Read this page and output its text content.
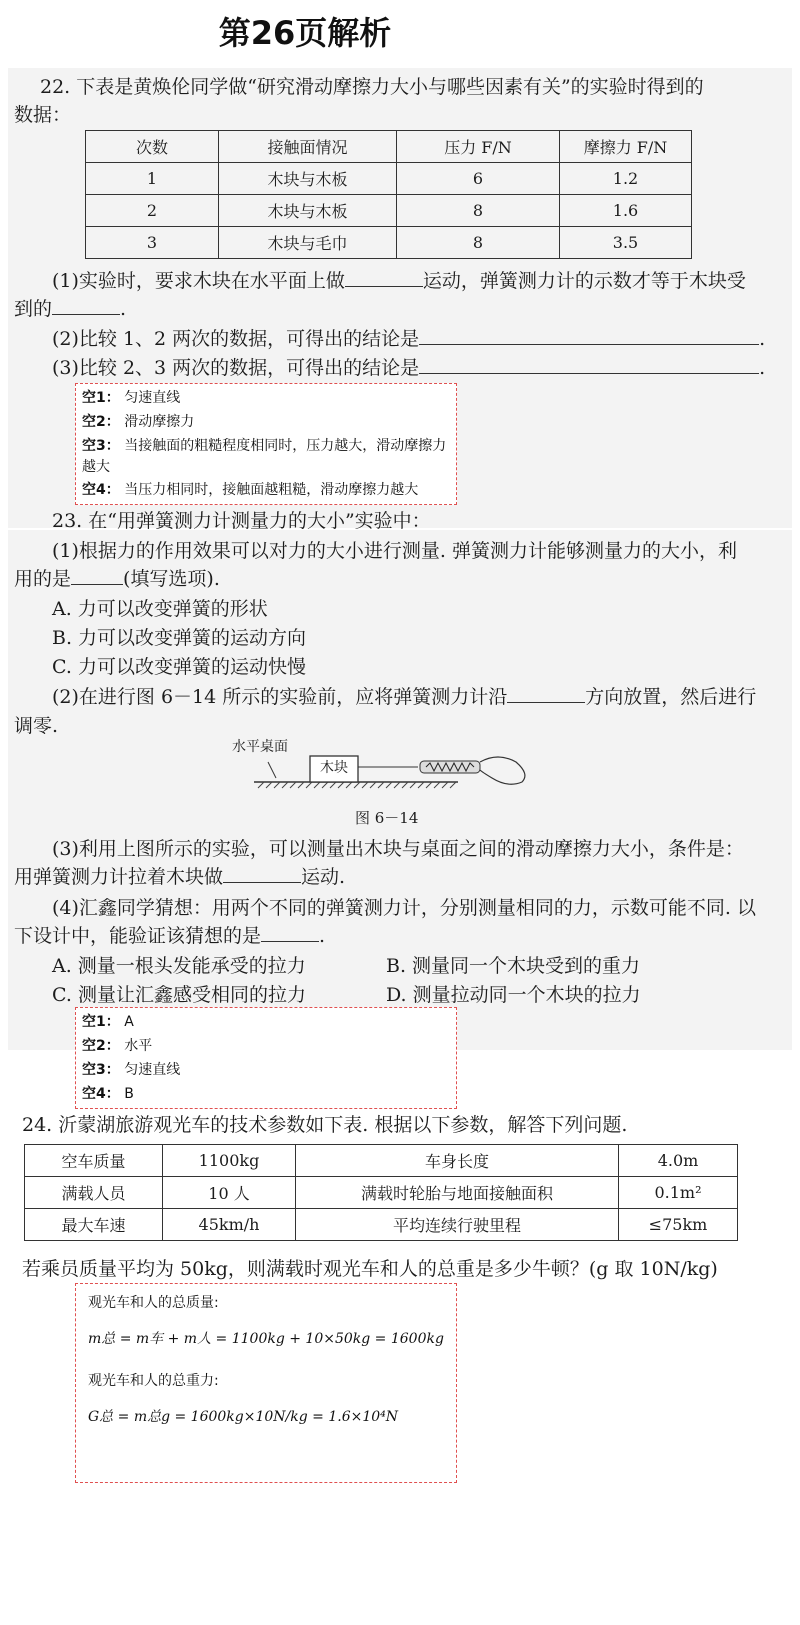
第26页解析
22. 下表是黄焕伦同学做“研究滑动摩擦力大小与哪些因素有关”的实验时得到的
数据：
次数	接触面情况	压力 F/N	摩擦力 F/N
1	木块与木板	6	1.2
2	木块与木板	8	1.6
3	木块与毛巾	8	3.5
(1)实验时，要求木块在水平面上做	运动，弹簧测力计的示数才等于木块受
到的	.
(2)比较 1、2 两次的数据，可得出的结论是	.
(3)比较 2、3 两次的数据，可得出的结论是	.
空1： 匀速直线
空2： 滑动摩擦力
空3： 当接触面的粗糙程度相同时，压力越大，滑动摩擦力越大
空4： 当压力相同时，接触面越粗糙，滑动摩擦力越大
23. 在“用弹簧测力计测量力的大小”实验中：
(1)根据力的作用效果可以对力的大小进行测量. 弹簧测力计能够测量力的大小，利
用的是	(填写选项).
A. 力可以改变弹簧的形状
B. 力可以改变弹簧的运动方向
C. 力可以改变弹簧的运动快慢
(2)在进行图 6－14 所示的实验前，应将弹簧测力计沿	方向放置，然后进行
调零.
水平桌面
木块
图 6－14
(3)利用上图所示的实验，可以测量出木块与桌面之间的滑动摩擦力大小，条件是：
用弹簧测力计拉着木块做	运动.
(4)汇鑫同学猜想：用两个不同的弹簧测力计，分别测量相同的力，示数可能不同. 以
下设计中，能验证该猜想的是	.
A. 测量一根头发能承受的拉力	B. 测量同一个木块受到的重力
C. 测量让汇鑫感受相同的拉力	D. 测量拉动同一个木块的拉力
空1： A
空2： 水平
空3： 匀速直线
空4： B
24. 沂蒙湖旅游观光车的技术参数如下表. 根据以下参数，解答下列问题.
空车质量	1100kg	车身长度	4.0m
满载人员	10 人	满载时轮胎与地面接触面积	0.1m²
最大车速	45km/h	平均连续行驶里程	≤75km
若乘员质量平均为 50kg，则满载时观光车和人的总重是多少牛顿？(g 取 10N/kg)
观光车和人的总质量:
m总 = m车 + m人 = 1100kg + 10×50kg = 1600kg
观光车和人的总重力:
G总 = m总g = 1600kg×10N/kg = 1.6×10⁴N
